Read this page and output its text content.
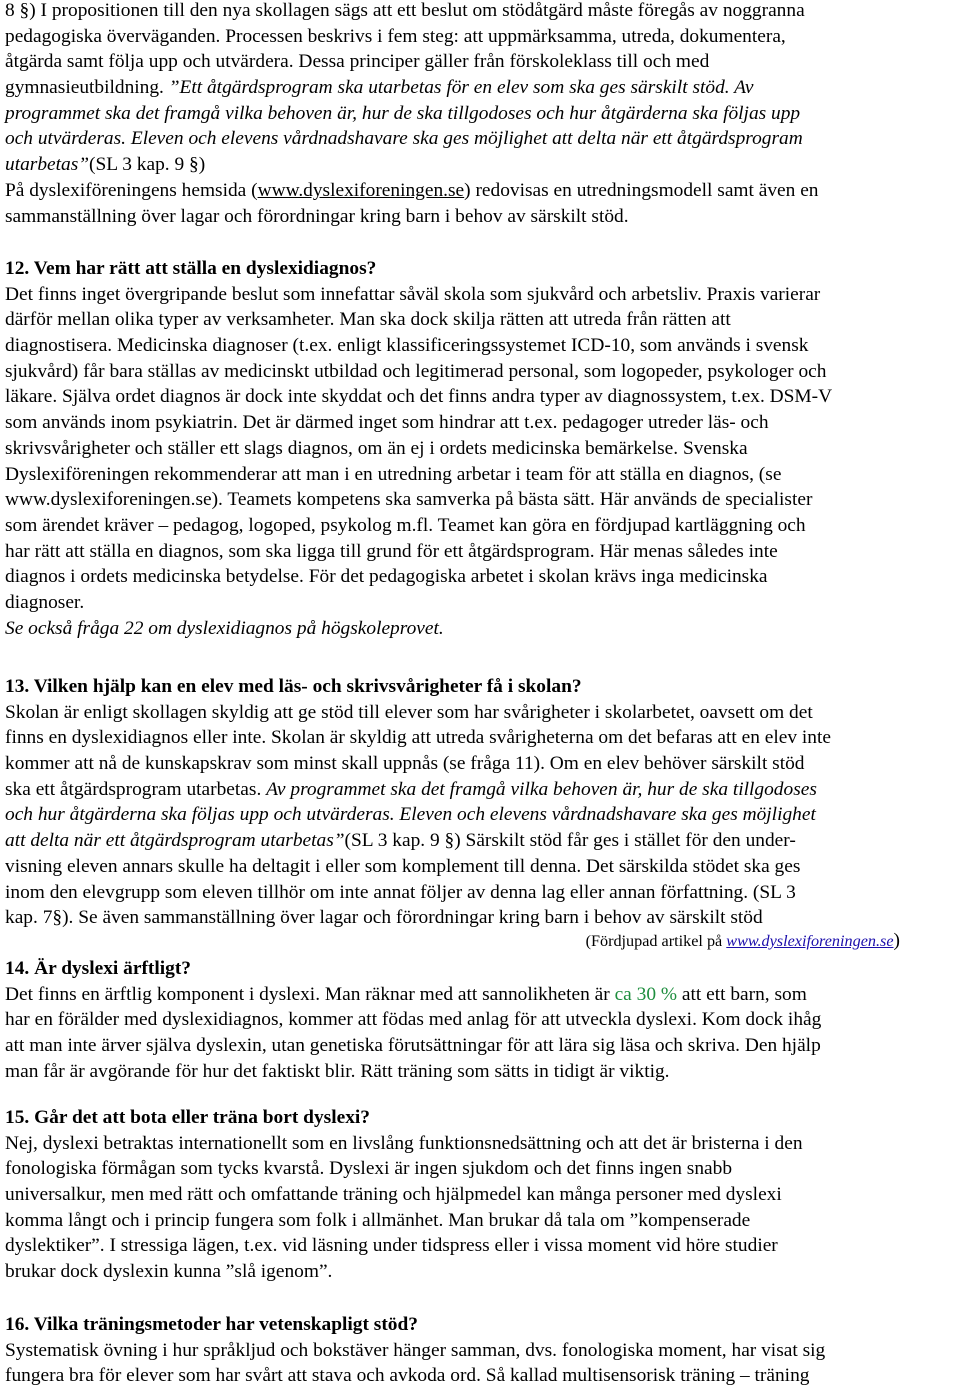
8 §) I propositionen till den nya skollagen sägs att ett beslut om stödåtgärd måste föregås av noggranna
pedagogiska överväganden. Processen beskrivs i fem steg: att uppmärksamma, utreda, dokumentera,
åtgärda samt följa upp och utvärdera. Dessa principer gäller från förskoleklass till och med
gymnasieutbildning. ”Ett åtgärdsprogram ska utarbetas för en elev som ska ges särskilt stöd. Av
programmet ska det framgå vilka behoven är, hur de ska tillgodoses och hur åtgärderna ska följas upp
och utvärderas. Eleven och elevens vårdnadshavare ska ges möjlighet att delta när ett åtgärdsprogram
utarbetas”(SL 3 kap. 9 §)
På dyslexiföreningens hemsida (www.dyslexiforeningen.se) redovisas en utredningsmodell samt även en
sammanställning över lagar och förordningar kring barn i behov av särskilt stöd.
12. Vem har rätt att ställa en dyslexidiagnos?
Det finns inget övergripande beslut som innefattar såväl skola som sjukvård och arbetsliv. Praxis varierar
därför mellan olika typer av verksamheter. Man ska dock skilja rätten att utreda från rätten att
diagnostisera. Medicinska diagnoser (t.ex. enligt klassificeringssystemet ICD-10, som används i svensk
sjukvård) får bara ställas av medicinskt utbildad och legitimerad personal, som logopeder, psykologer och
läkare. Själva ordet diagnos är dock inte skyddat och det finns andra typer av diagnossystem, t.ex. DSM-V
som används inom psykiatrin. Det är därmed inget som hindrar att t.ex. pedagoger utreder läs- och
skrivsvårigheter och ställer ett slags diagnos, om än ej i ordets medicinska bemärkelse. Svenska
Dyslexiföreningen rekommenderar att man i en utredning arbetar i team för att ställa en diagnos, (se
www.dyslexiforeningen.se). Teamets kompetens ska samverka på bästa sätt. Här används de specialister
som ärendet kräver – pedagog, logoped, psykolog m.fl. Teamet kan göra en fördjupad kartläggning och
har rätt att ställa en diagnos, som ska ligga till grund för ett åtgärdsprogram. Här menas således inte
diagnos i ordets medicinska betydelse. För det pedagogiska arbetet i skolan krävs inga medicinska
diagnoser.
Se också fråga 22 om dyslexidiagnos på högskoleprovet.
13. Vilken hjälp kan en elev med läs- och skrivsvårigheter få i skolan?
Skolan är enligt skollagen skyldig att ge stöd till elever som har svårigheter i skolarbetet, oavsett om det
finns en dyslexidiagnos eller inte. Skolan är skyldig att utreda svårigheterna om det befaras att en elev inte
kommer att nå de kunskapskrav som minst skall uppnås (se fråga 11). Om en elev behöver särskilt stöd
ska ett åtgärdsprogram utarbetas. Av programmet ska det framgå vilka behoven är, hur de ska tillgodoses
och hur åtgärderna ska följas upp och utvärderas. Eleven och elevens vårdnadshavare ska ges möjlighet
att delta när ett åtgärdsprogram utarbetas”(SL 3 kap. 9 §) Särskilt stöd får ges i stället för den under-
visning eleven annars skulle ha deltagit i eller som komplement till denna. Det särskilda stödet ska ges
inom den elevgrupp som eleven tillhör om inte annat följer av denna lag eller annan författning. (SL 3
kap. 7§). Se även sammanställning över lagar och förordningar kring barn i behov av särskilt stöd
(Fördjupad artikel på www.dyslexiforeningen.se)
14. Är dyslexi ärftligt?
Det finns en ärftlig komponent i dyslexi. Man räknar med att sannolikheten är ca 30 % att ett barn, som
har en förälder med dyslexidiagnos, kommer att födas med anlag för att utveckla dyslexi. Kom dock ihåg
att man inte ärver själva dyslexin, utan genetiska förutsättningar för att lära sig läsa och skriva. Den hjälp
man får är avgörande för hur det faktiskt blir. Rätt träning som sätts in tidigt är viktig.
15. Går det att bota eller träna bort dyslexi?
Nej, dyslexi betraktas internationellt som en livslång funktionsnedsättning och att det är bristerna i den
fonologiska förmågan som tycks kvarstå. Dyslexi är ingen sjukdom och det finns ingen snabb
universalkur, men med rätt och omfattande träning och hjälpmedel kan många personer med dyslexi
komma långt och i princip fungera som folk i allmänhet. Man brukar då tala om ”kompenserade
dyslektiker”. I stressiga lägen, t.ex. vid läsning under tidspress eller i vissa moment vid höre studier
brukar dock dyslexin kunna ”slå igenom”.
16. Vilka träningsmetoder har vetenskapligt stöd?
Systematisk övning i hur språkljud och bokstäver hänger samman, dvs. fonologiska moment, har visat sig
fungera bra för elever som har svårt att stava och avkoda ord. Så kallad multisensorisk träning – träning
